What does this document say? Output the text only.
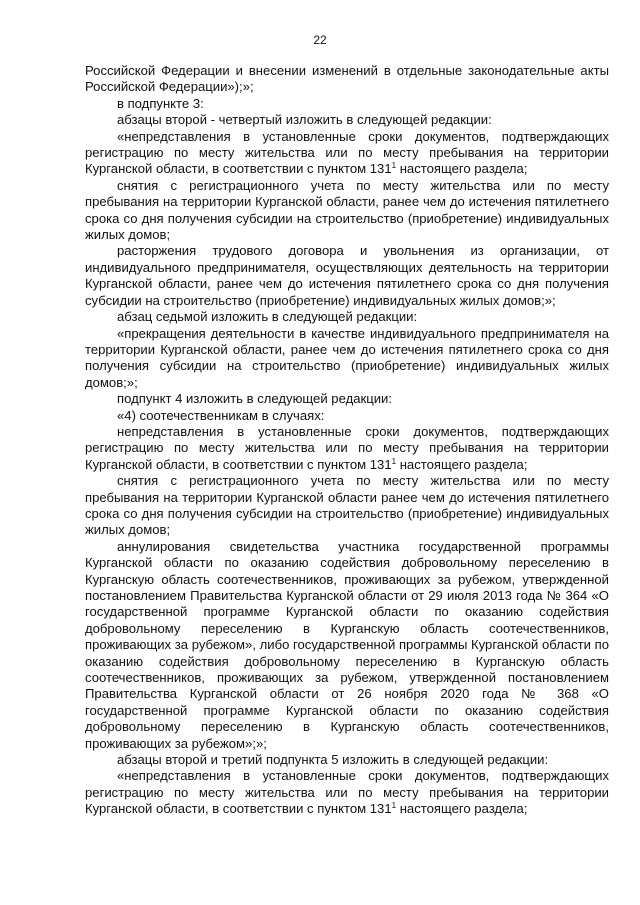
22

Российской Федерации и внесении изменений в отдельные законодательные акты Российской Федерации»);»;

в подпункте 3:

абзацы второй - четвертый изложить в следующей редакции:

«непредставления в установленные сроки документов, подтверждающих регистрацию по месту жительства или по месту пребывания на территории Курганской области, в соответствии с пунктом $131^1$ настоящего раздела;

снятия с регистрационного учета по месту жительства или по месту пребывания на территории Курганской области, ранее чем до истечения пятилетнего срока со дня получения субсидии на строительство (приобретение) индивидуальных жилых домов;

расторжения трудового договора и увольнения из организации, от индивидуального предпринимателя, осуществляющих деятельность на территории Курганской области, ранее чем до истечения пятилетнего срока со дня получения субсидии на строительство (приобретение) индивидуальных жилых домов;»;

абзац седьмой изложить в следующей редакции:

«прекращения деятельности в качестве индивидуального предпринимателя на территории Курганской области, ранее чем до истечения пятилетнего срока со дня получения субсидии на строительство (приобретение) индивидуальных жилых домов;»;

подпункт 4 изложить в следующей редакции:

«4) соотечественникам в случаях:

непредставления в установленные сроки документов, подтверждающих регистрацию по месту жительства или по месту пребывания на территории Курганской области, в соответствии с пунктом $131^1$ настоящего раздела;

снятия с регистрационного учета по месту жительства или по месту пребывания на территории Курганской области ранее чем до истечения пятилетнего срока со дня получения субсидии на строительство (приобретение) индивидуальных жилых домов;

аннулирования свидетельства участника государственной программы Курганской области по оказанию содействия добровольному переселению в Курганскую область соотечественников, проживающих за рубежом, утвержденной постановлением Правительства Курганской области от 29 июля 2013 года № 364 «О государственной программе Курганской области по оказанию содействия добровольному переселению в Курганскую область соотечественников, проживающих за рубежом», либо государственной программы Курганской области по оказанию содействия добровольному переселению в Курганскую область соотечественников, проживающих за рубежом, утвержденной постановлением Правительства Курганской области от 26 ноября 2020 года № 368 «О государственной программе Курганской области по оказанию содействия добровольному переселению в Курганскую область соотечественников, проживающих за рубежом»;»;

абзацы второй и третий подпункта 5 изложить в следующей редакции:

«непредставления в установленные сроки документов, подтверждающих регистрацию по месту жительства или по месту пребывания на территории Курганской области, в соответствии с пунктом $131^1$ настоящего раздела;
